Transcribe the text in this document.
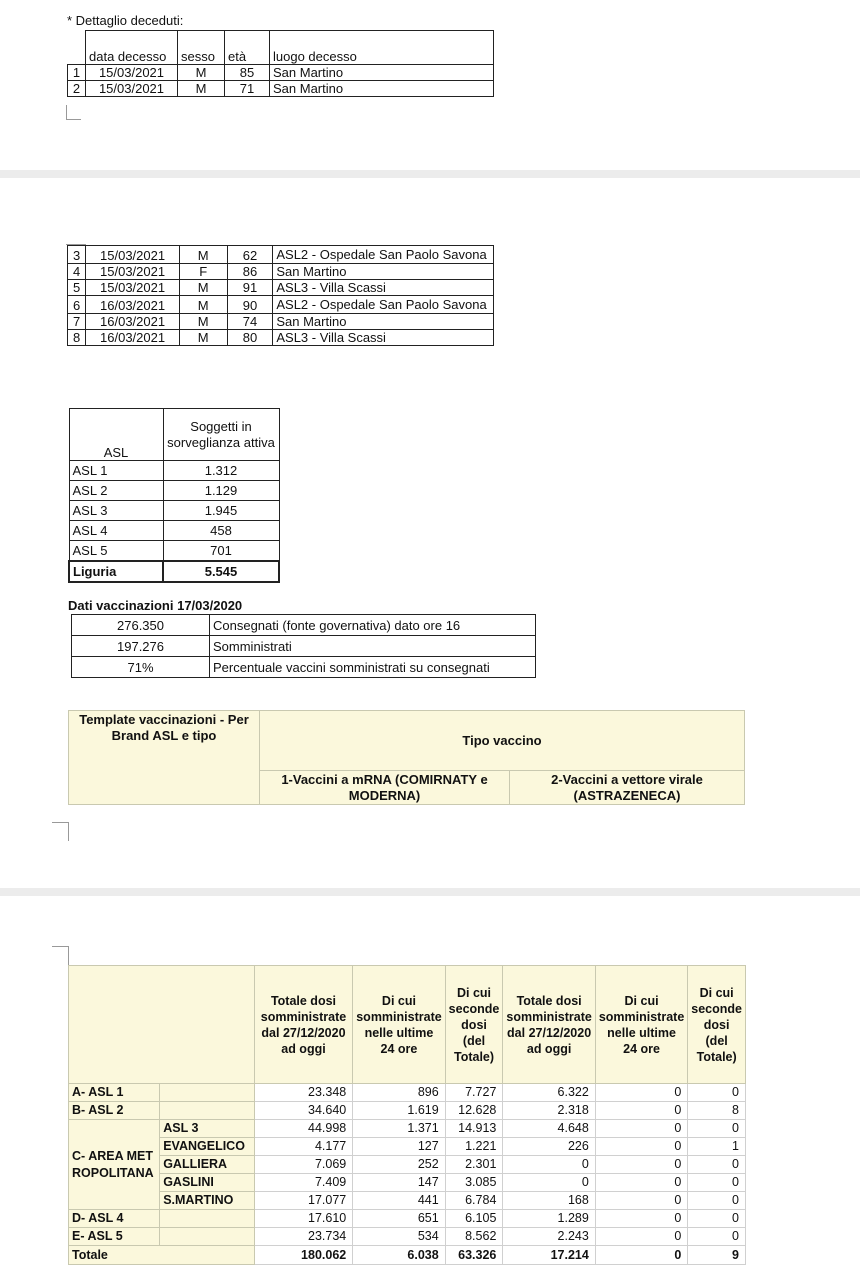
* Dettaglio deceduti:
	data decesso	sesso	età	luogo decesso
1	15/03/2021	M	85	San Martino
2	15/03/2021	M	71	San Martino
3	15/03/2021	M	62	ASL2 - Ospedale San Paolo Savona
4	15/03/2021	F	86	San Martino
5	15/03/2021	M	91	ASL3 - Villa Scassi
6	16/03/2021	M	90	ASL2 - Ospedale San Paolo Savona
7	16/03/2021	M	74	San Martino
8	16/03/2021	M	80	ASL3 - Villa Scassi
ASL	Soggetti in sorveglianza attiva
ASL 1	1.312
ASL 2	1.129
ASL 3	1.945
ASL 4	458
ASL 5	701
Liguria	5.545
Dati vaccinazioni 17/03/2020
276.350	Consegnati (fonte governativa) dato ore 16
197.276	Somministrati
71%	Percentuale vaccini somministrati su consegnati
Template vaccinazioni - Per Brand ASL e tipo	Tipo vaccino	
	1-Vaccini a mRNA (COMIRNATY e MODERNA)	2-Vaccini a vettore virale (ASTRAZENECA)
		Totale dosi somministrate dal 27/12/2020 ad oggi	Di cui somministrate nelle ultime 24 ore	Di cui seconde dosi (del Totale)	Totale dosi somministrate dal 27/12/2020 ad oggi	Di cui somministrate nelle ultime 24 ore	Di cui seconde dosi (del Totale)
A- ASL 1		23.348	896	7.727	6.322	0	0
B- ASL 2		34.640	1.619	12.628	2.318	0	8
C- AREA METROPOLITANA	ASL 3	44.998	1.371	14.913	4.648	0	0
	EVANGELICO	4.177	127	1.221	226	0	1
	GALLIERA	7.069	252	2.301	0	0	0
	GASLINI	7.409	147	3.085	0	0	0
	S.MARTINO	17.077	441	6.784	168	0	0
D- ASL 4		17.610	651	6.105	1.289	0	0
E- ASL 5		23.734	534	8.562	2.243	0	0
Totale		180.062	6.038	63.326	17.214	0	9
